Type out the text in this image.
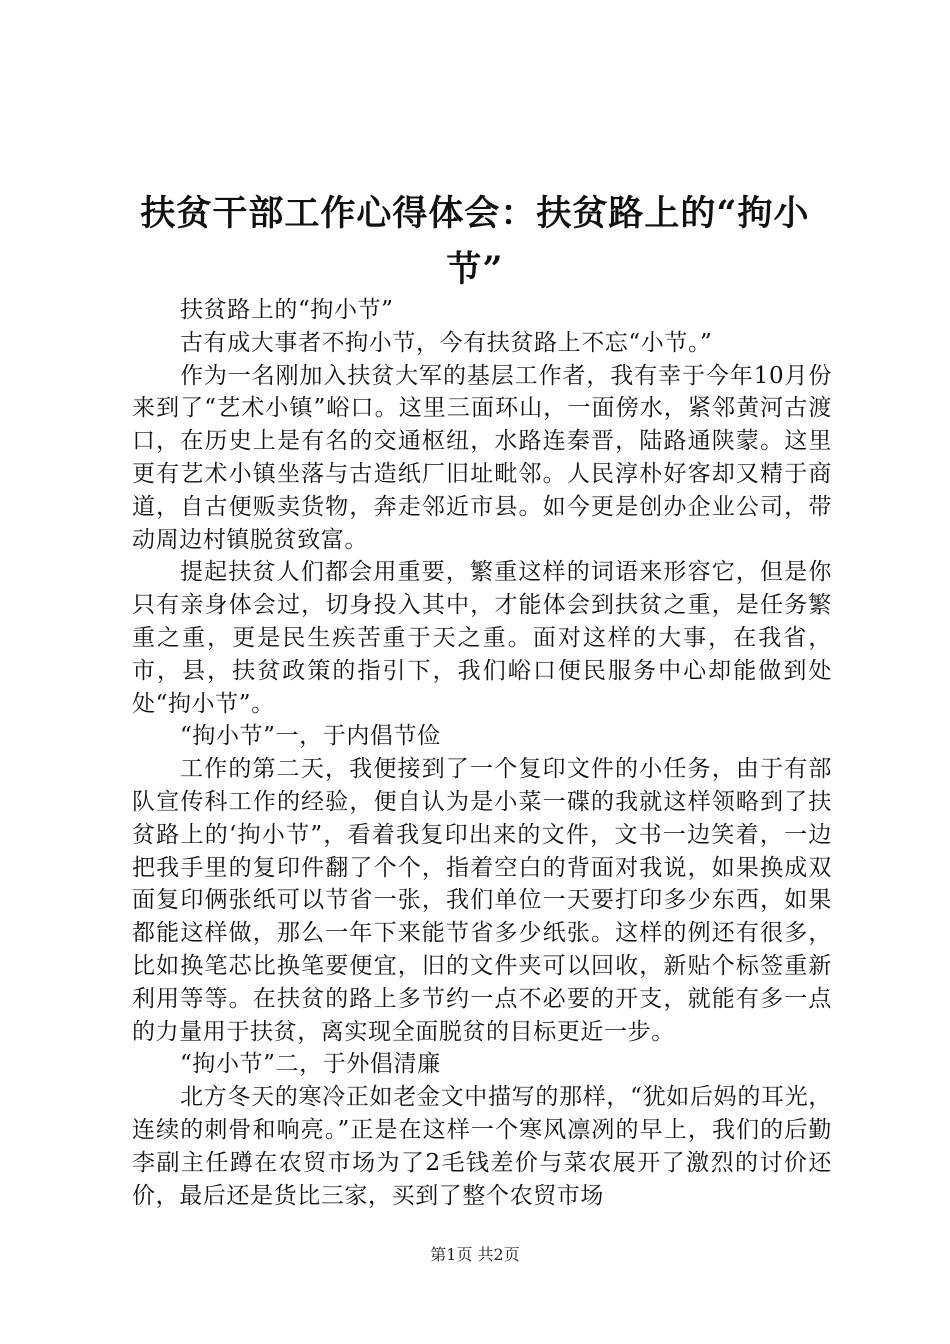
扶贫干部工作心得体会：扶贫路上的“拘小节”

扶贫路上的“拘小节”

古有成大事者不拘小节，今有扶贫路上不忘“小节。”

作为一名刚加入扶贫大军的基层工作者，我有幸于今年10月份来到了“艺术小镇”峪口。这里三面环山，一面傍水，紧邻黄河古渡口，在历史上是有名的交通枢纽，水路连秦晋，陆路通陕蒙。这里更有艺术小镇坐落与古造纸厂旧址毗邻。人民淳朴好客却又精于商道，自古便贩卖货物，奔走邻近市县。如今更是创办企业公司，带动周边村镇脱贫致富。

提起扶贫人们都会用重要，繁重这样的词语来形容它，但是你只有亲身体会过，切身投入其中，才能体会到扶贫之重，是任务繁重之重，更是民生疾苦重于天之重。面对这样的大事，在我省，市，县，扶贫政策的指引下，我们峪口便民服务中心却能做到处处“拘小节”。

“拘小节”一，于内倡节俭

工作的第二天，我便接到了一个复印文件的小任务，由于有部队宣传科工作的经验，便自认为是小菜一碟的我就这样领略到了扶贫路上的‘拘小节”，看着我复印出来的文件，文书一边笑着，一边把我手里的复印件翻了个个，指着空白的背面对我说，如果换成双面复印俩张纸可以节省一张，我们单位一天要打印多少东西，如果都能这样做，那么一年下来能节省多少纸张。这样的例还有很多，比如换笔芯比换笔要便宜，旧的文件夹可以回收，新贴个标签重新利用等等。在扶贫的路上多节约一点不必要的开支，就能有多一点的力量用于扶贫，离实现全面脱贫的目标更近一步。

“拘小节”二，于外倡清廉

北方冬天的寒冷正如老金文中描写的那样，“犹如后妈的耳光，连续的刺骨和响亮。”正是在这样一个寒风凛冽的早上，我们的后勤李副主任蹲在农贸市场为了2毛钱差价与菜农展开了激烈的讨价还价，最后还是货比三家，买到了整个农贸市场

第1页 共2页
